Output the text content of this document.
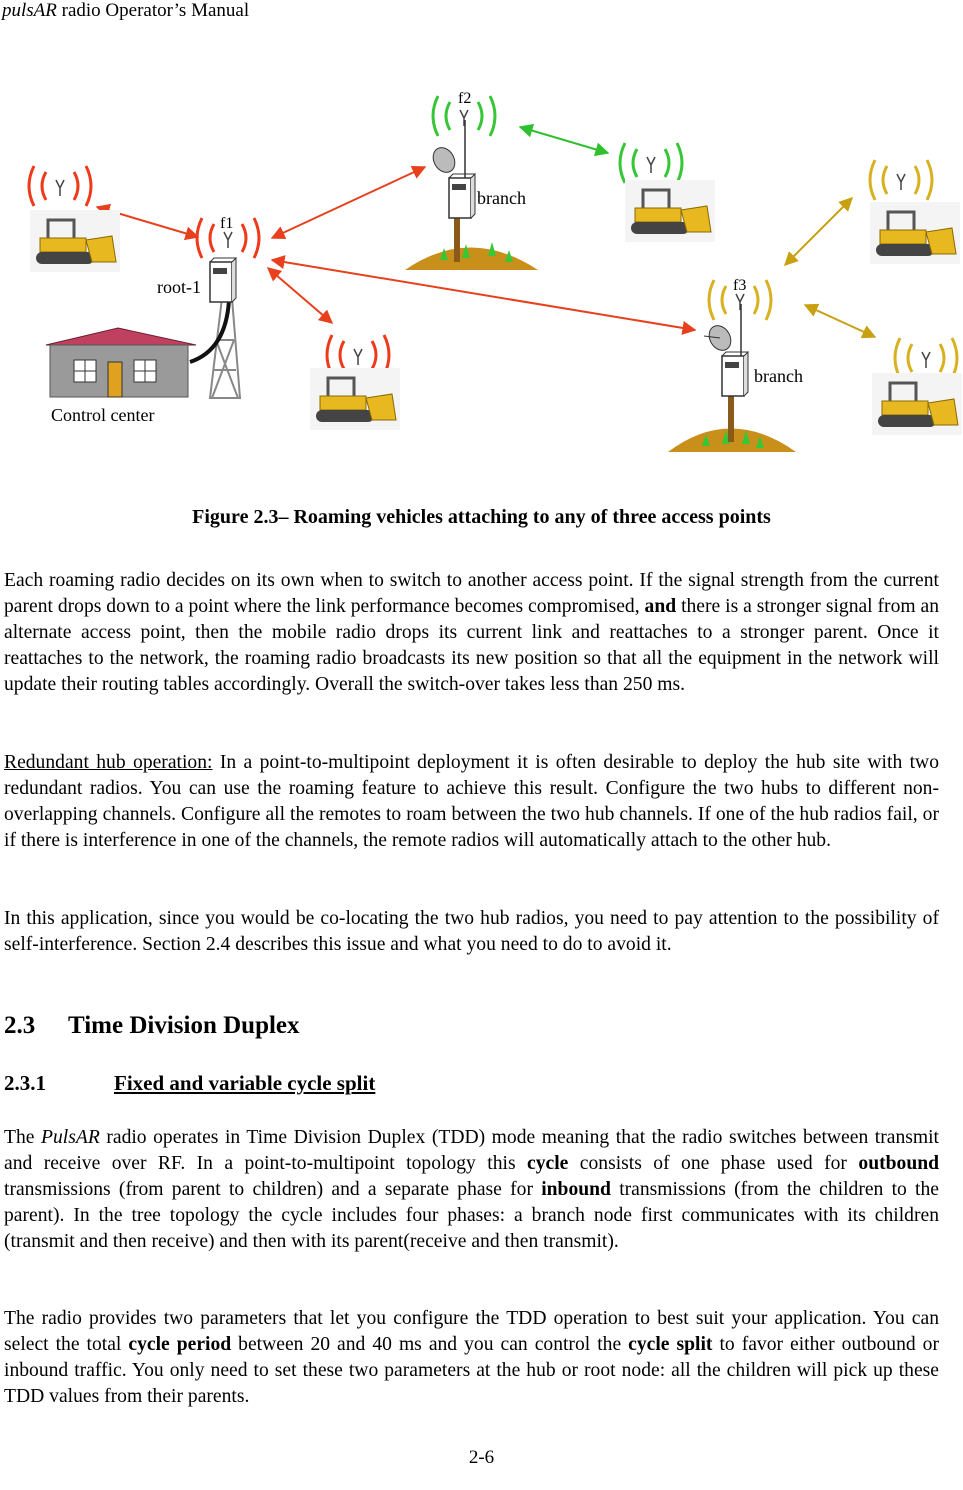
pulsAR radio Operator’s Manual
f1
root-1
Control center
f2
branch
f3
branch
Figure 2.3– Roaming vehicles attaching to any of three access points

Each roaming radio decides on its own when to switch to another access point. If the signal strength from the current parent drops down to a point where the link performance becomes compromised, and there is a stronger signal from an alternate access point, then the mobile radio drops its current link and reattaches to a stronger parent. Once it reattaches to the network, the roaming radio broadcasts its new position so that all the equipment in the network will update their routing tables accordingly. Overall the switch-over takes less than 250 ms.

Redundant hub operation: In a point-to-multipoint deployment it is often desirable to deploy the hub site with two redundant radios. You can use the roaming feature to achieve this result. Configure the two hubs to different non-overlapping channels. Configure all the remotes to roam between the two hub channels. If one of the hub radios fail, or if there is interference in one of the channels, the remote radios will automatically attach to the other hub.

In this application, since you would be co-locating the two hub radios, you need to pay attention to the possibility of self-interference. Section 2.4 describes this issue and what you need to do to avoid it.

2.3 Time Division Duplex
2.3.1	Fixed and variable cycle split

The PulsAR radio operates in Time Division Duplex (TDD) mode meaning that the radio switches between transmit and receive over RF. In a point-to-multipoint topology this cycle consists of one phase used for outbound transmissions (from parent to children) and a separate phase for inbound transmissions (from the children to the parent). In the tree topology the cycle includes four phases: a branch node first communicates with its children (transmit and then receive) and then with its parent(receive and then transmit).

The radio provides two parameters that let you configure the TDD operation to best suit your application. You can select the total cycle period between 20 and 40 ms and you can control the cycle split to favor either outbound or inbound traffic. You only need to set these two parameters at the hub or root node: all the children will pick up these TDD values from their parents.

2-6
